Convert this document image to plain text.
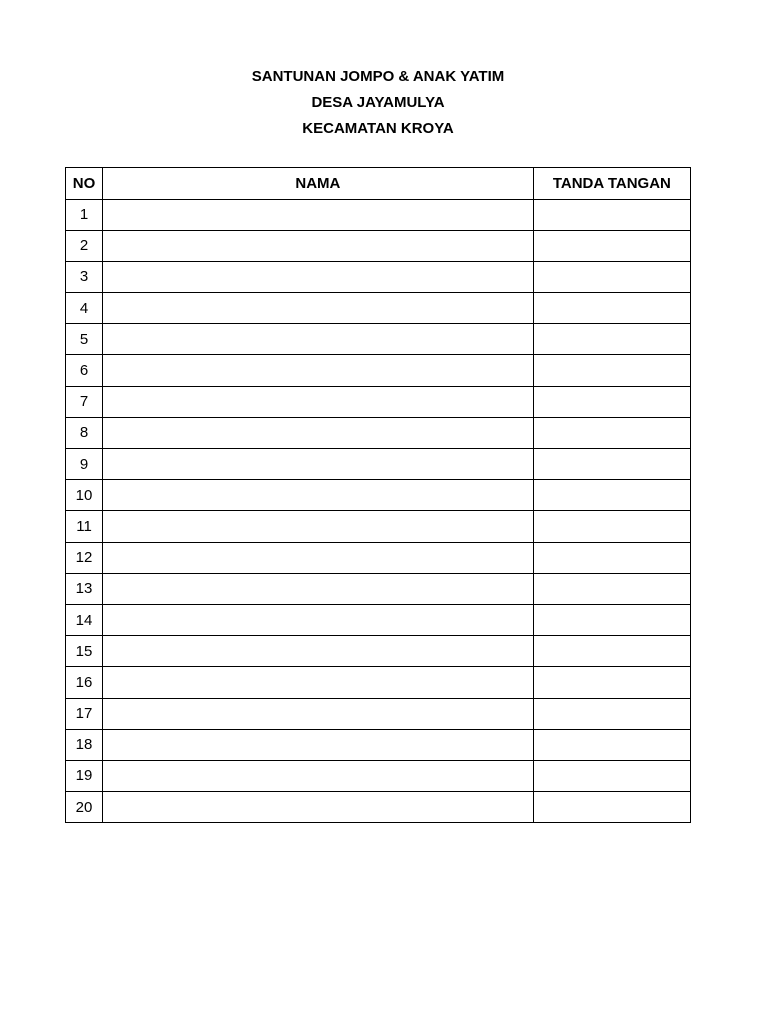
SANTUNAN JOMPO & ANAK YATIM
DESA JAYAMULYA
KECAMATAN KROYA
NO	NAMA	TANDA TANGAN
1		
2		
3		
4		
5		
6		
7		
8		
9		
10		
11		
12		
13		
14		
15		
16		
17		
18		
19		
20		
